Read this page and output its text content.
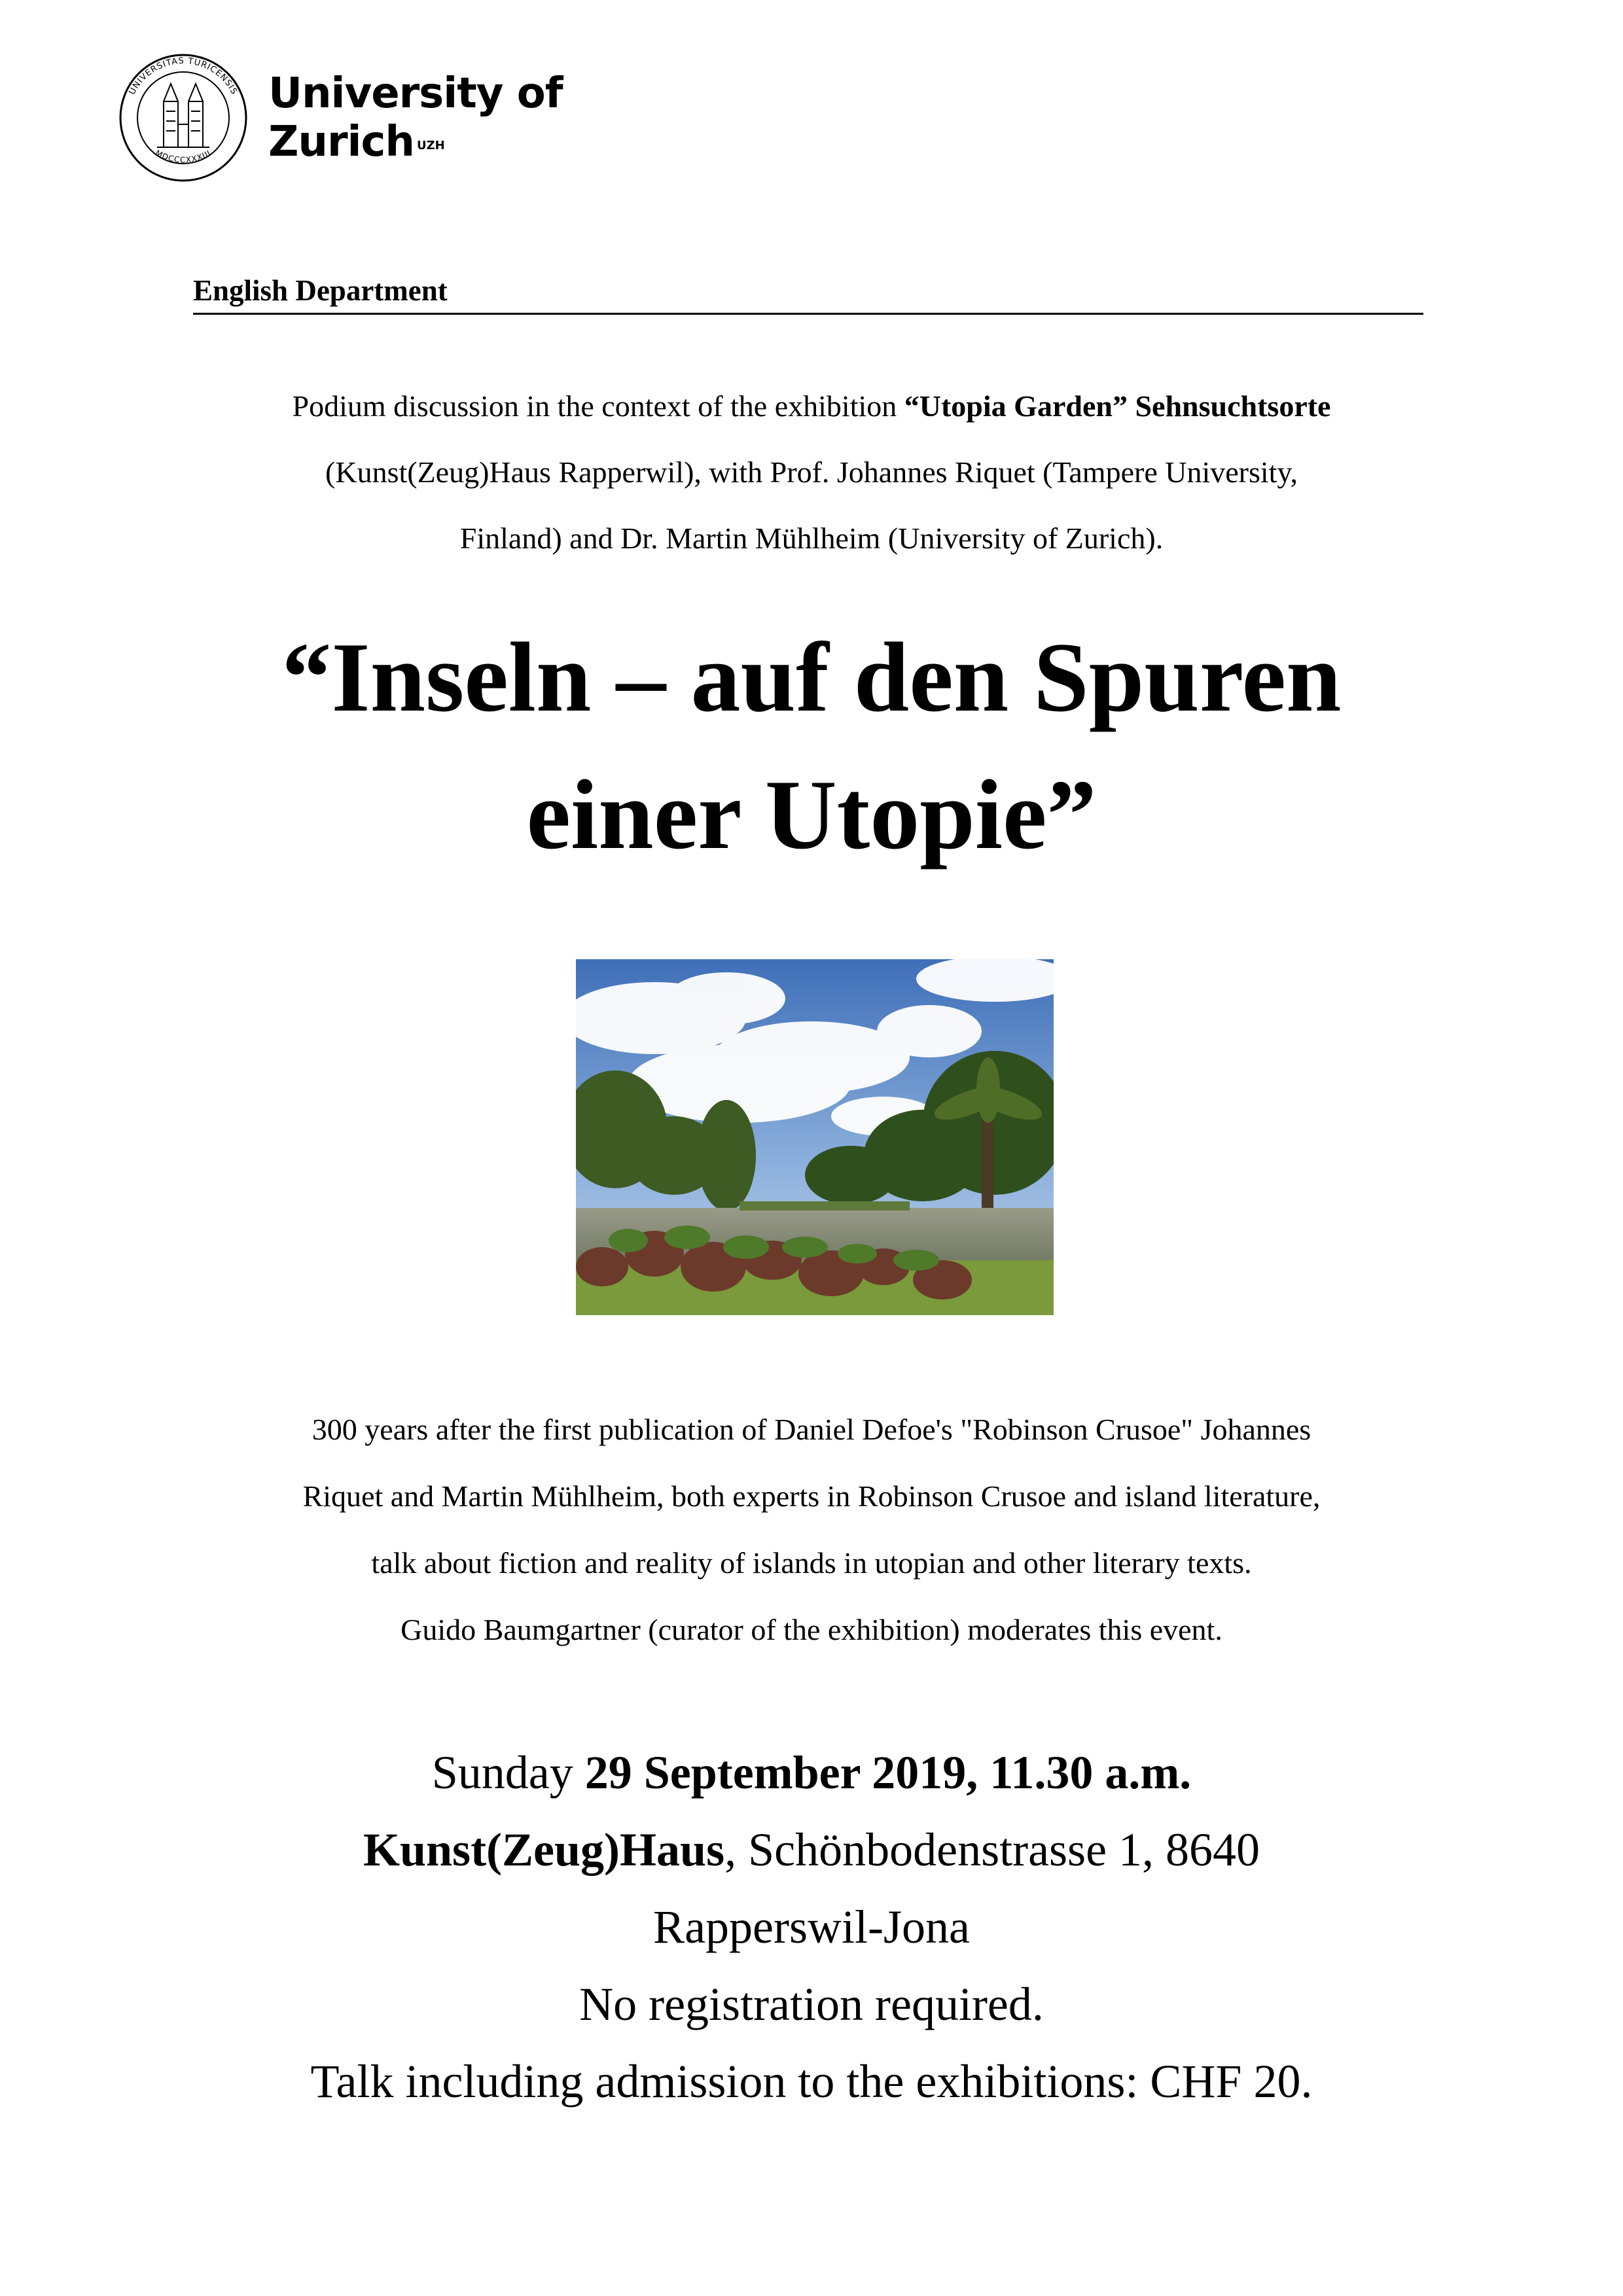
UNIVERSITAS TURICENSIS
MDCCCXXXIII
University of
Zurich $^{UZH}$
English Department
Podium discussion in the context of the exhibition “Utopia Garden” Sehnsuchtsorte
(Kunst(Zeug)Haus Rapperwil), with Prof. Johannes Riquet (Tampere University,
Finland) and Dr. Martin Mühlheim (University of Zurich).
“Inseln – auf den Spuren
einer Utopie”
300 years after the first publication of Daniel Defoe's "Robinson Crusoe" Johannes
Riquet and Martin Mühlheim, both experts in Robinson Crusoe and island literature,
talk about fiction and reality of islands in utopian and other literary texts.
Guido Baumgartner (curator of the exhibition) moderates this event.
Sunday 29 September 2019, 11.30 a.m.
Kunst(Zeug)Haus, Schönbodenstrasse 1, 8640
Rapperswil-Jona
No registration required.
Talk including admission to the exhibitions: CHF 20.
